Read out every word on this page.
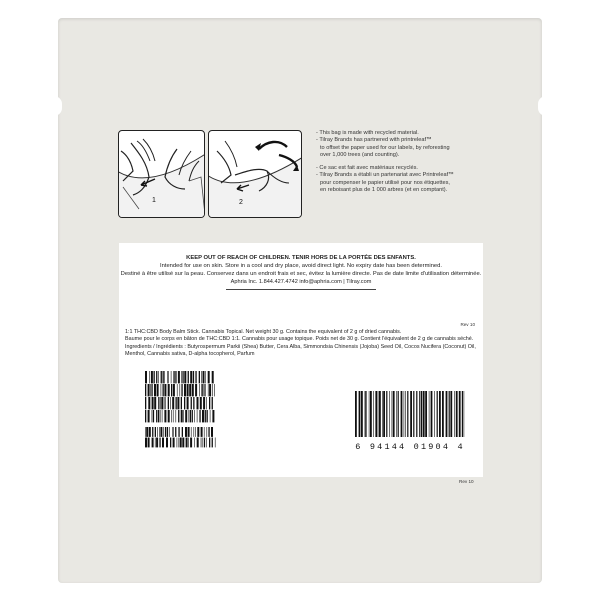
1	2

- This bag is made with recycled material.

- Tilray Brands has partnered with printreleaf™

to offset the paper used for our labels, by reforesting

over 1,000 trees (and counting).

- Ce sac est fait avec matériaux recyclés.

- Tilray Brands a établi un partenariat avec Printreleaf™

pour compenser le papier utilisé pour nos étiquettes,

en reboisant plus de 1 000 arbres (et en comptant).

KEEP OUT OF REACH OF CHILDREN. TENIR HORS DE LA PORTÉE DES ENFANTS.
Intended for use on skin. Store in a cool and dry place, avoid direct light. No expiry date has been determined.
Destiné à être utilisé sur la peau. Conservez dans un endroit frais et sec, évitez la lumière directe. Pas de date limite d'utilisation déterminée.
Aphria Inc. 1.844.427.4742 info@aphria.com | Tilray.com
Rev 10

1:1 THC:CBD Body Balm Stick. Cannabis Topical. Net weight 30 g. Contains the equivalent of 2 g of dried cannabis.

Baume pour le corps en bâton de THC:CBD 1:1. Cannabis pour usage topique. Poids net de 30 g. Contient l'équivalent de 2 g de cannabis séché.

Ingredients / Ingrédients : Butyrospermum Parkii (Shea) Butter, Cera Alba, Simmondsia Chinensis (Jojoba) Seed Oil, Cocos Nucifera (Coconut) Oil,

Menthol, Cannabis sativa, D-alpha tocopherol, Parfum

6 94144 01904 4
Rev 10
